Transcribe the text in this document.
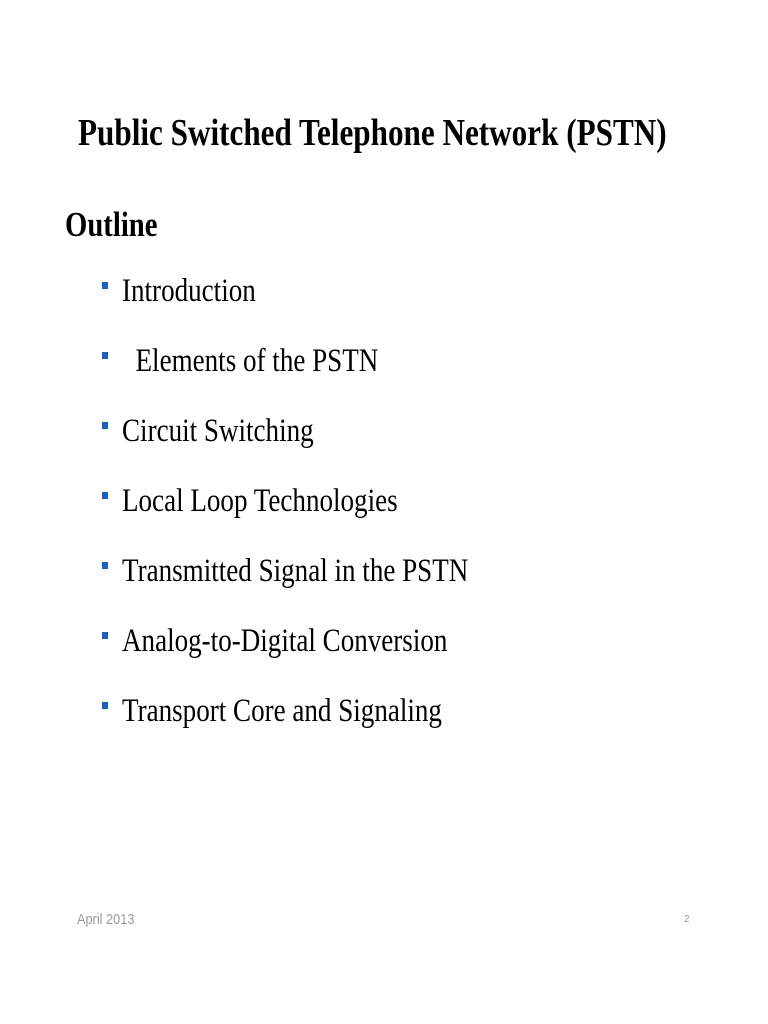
Public Switched Telephone Network (PSTN)
Outline
Introduction
Elements of the PSTN
Circuit Switching
Local Loop Technologies
Transmitted Signal in the PSTN
Analog-to-Digital Conversion
Transport Core and Signaling
April 2013	2
